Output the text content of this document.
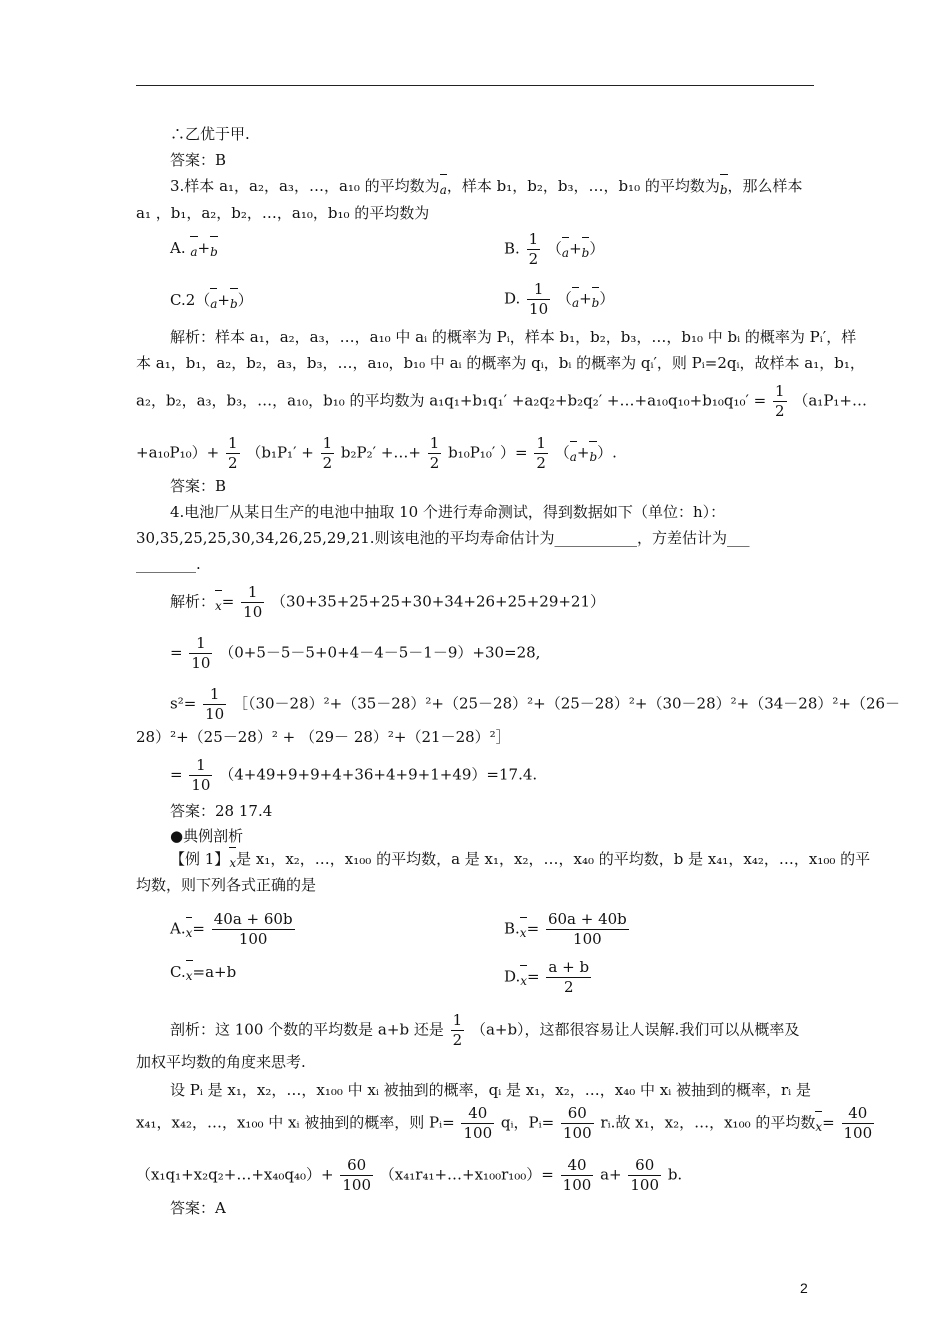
∴乙优于甲.
答案：B
3.样本 a₁，a₂，a₃，…，a₁₀ 的平均数为a，样本 b₁，b₂，b₃，…，b₁₀ 的平均数为b，那么样本
a₁ ，b₁，a₂，b₂，…，a₁₀，b₁₀ 的平均数为
A. a+b	B. $\frac{1}{2} (a+b)$
C.2（a+b）	D. $\frac{1}{10} (a+b)$
解析：样本 a₁，a₂，a₃，…，a₁₀ 中 aᵢ 的概率为 Pᵢ，样本 b₁，b₂，b₃，…，b₁₀ 中 bᵢ 的概率为 Pᵢ′，样
本 a₁，b₁，a₂，b₂，a₃，b₃，…，a₁₀，b₁₀ 中 aᵢ 的概率为 qᵢ，bᵢ 的概率为 qᵢ′，则 Pᵢ=2qᵢ，故样本 a₁，b₁，
a₂，b₂，a₃，b₃，…，a₁₀，b₁₀ 的平均数为 a₁q₁+b₁q₁′ +a₂q₂+b₂q₂′ +…+a₁₀q₁₀+b₁₀q₁₀′ = $\frac{1}{2}$ （a₁P₁+…
$+a_{10}P_{10})+ \frac{1}{2} (b_1P_1' + \frac{1}{2} b_2P_2'$ +…+ $\frac{1}{2} b_{10}P_{10}'$ ）= $\frac{1}{2} (a+b)$.
答案：B
4.电池厂从某日生产的电池中抽取 10 个进行寿命测试，得到数据如下（单位：h）：
30,35,25,25,30,34,26,25,29,21.则该电池的平均寿命估计为___________，方差估计为___
________.
解析：$x= \frac{1}{10} (30+35+25+25+30+34+26+25+29+21)$
= $\frac{1}{10} (0+5-5-5+0+4-4-5-1-9)+30=28$,
$s^2= \frac{1}{10}$ ［（30－28）²+（35－28）²+（25－28）²+（25－28）²+（30－28）²+（34－28）²+（26－
28）²+（25－28）² + （29－ 28）²+（21－28）²］
= $\frac{1}{10} (4+49+9+9+4+36+4+9+1+49)=17.4$.
答案：28 17.4
●典例剖析
【例 1】x是 x₁，x₂，…，x₁₀₀ 的平均数，a 是 x₁，x₂，…，x₄₀ 的平均数，b 是 x₄₁，x₄₂，…，x₁₀₀ 的平
均数，则下列各式正确的是
$A.x= \frac{40a + 60b}{100}$	$B.x= \frac{60a + 40b}{100}$
C.x=a+b	$D.x= \frac{a + b}{2}$
剖析：这 100 个数的平均数是 a+b 还是 $\frac{1}{2} (a+b)$，这都很容易让人误解.我们可以从概率及
加权平均数的角度来思考.
设 Pᵢ 是 x₁，x₂，…，x₁₀₀ 中 xᵢ 被抽到的概率，qᵢ 是 x₁，x₂，…，x₄₀ 中 xᵢ 被抽到的概率，rᵢ 是
x₄₁，x₄₂，…，x₁₀₀ 中 xᵢ 被抽到的概率，则 Pᵢ= $\frac{40}{100}$ qᵢ，Pᵢ= $\frac{60}{100}$ rᵢ.故 x₁，x₂，…，x₁₀₀ 的平均数$x= \frac{40}{100}$
（x₁q₁+x₂q₂+…+x₄₀q₄₀）+ $\frac{60}{100}$ （x₄₁r₄₁+…+x₁₀₀r₁₀₀）= $\frac{40}{100} a+ \frac{60}{100} b$.
答案：A
2
